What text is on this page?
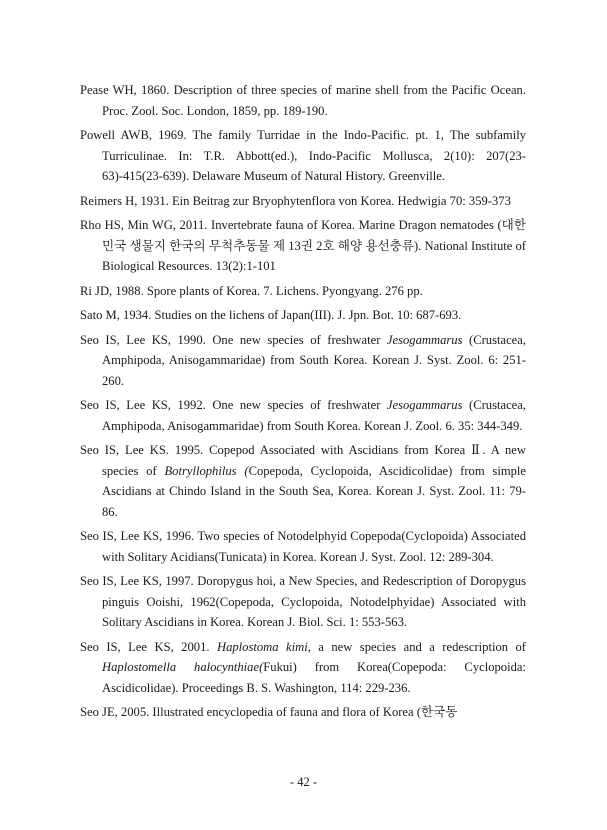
Pease WH, 1860. Description of three species of marine shell from the Pacific Ocean. Proc. Zool. Soc. London, 1859, pp. 189-190.
Powell AWB, 1969. The family Turridae in the Indo-Pacific. pt. 1, The subfamily Turriculinae. In: T.R. Abbott(ed.), Indo-Pacific Mollusca, 2(10): 207(23-63)-415(23-639). Delaware Museum of Natural History. Greenville.
Reimers H, 1931. Ein Beitrag zur Bryophytenflora von Korea. Hedwigia 70: 359-373
Rho HS, Min WG, 2011. Invertebrate fauna of Korea. Marine Dragon nematodes (대한민국 생물지 한국의 무척추동물 제 13권 2호 해양 용선충류). National Institute of Biological Resources. 13(2):1-101
Ri JD, 1988. Spore plants of Korea. 7. Lichens. Pyongyang. 276 pp.
Sato M, 1934. Studies on the lichens of Japan(III). J. Jpn. Bot. 10: 687-693.
Seo IS, Lee KS, 1990. One new species of freshwater Jesogammarus (Crustacea, Amphipoda, Anisogammaridae) from South Korea. Korean J. Syst. Zool. 6: 251-260.
Seo IS, Lee KS, 1992. One new species of freshwater Jesogammarus (Crustacea, Amphipoda, Anisogammaridae) from South Korea. Korean J. Zool. 6. 35: 344-349.
Seo IS, Lee KS. 1995. Copepod Associated with Ascidians from Korea Ⅱ. A new species of Botryllophilus (Copepoda, Cyclopoida, Ascidicolidae) from simple Ascidians at Chindo Island in the South Sea, Korea. Korean J. Syst. Zool. 11: 79-86.
Seo IS, Lee KS, 1996. Two species of Notodelphyid Copepoda(Cyclopoida) Associated with Solitary Acidians(Tunicata) in Korea. Korean J. Syst. Zool. 12: 289-304.
Seo IS, Lee KS, 1997. Doropygus hoi, a New Species, and Redescription of Doropygus pinguis Ooishi, 1962(Copepoda, Cyclopoida, Notodelphyidae) Associated with Solitary Ascidians in Korea. Korean J. Biol. Sci. 1: 553-563.
Seo IS, Lee KS, 2001. Haplostoma kimi, a new species and a redescription of Haplostomella halocynthiae(Fukui) from Korea(Copepoda: Cyclopoida: Ascidicolidae). Proceedings B. S. Washington, 114: 229-236.
Seo JE, 2005. Illustrated encyclopedia of fauna and flora of Korea (한국동
- 42 -
